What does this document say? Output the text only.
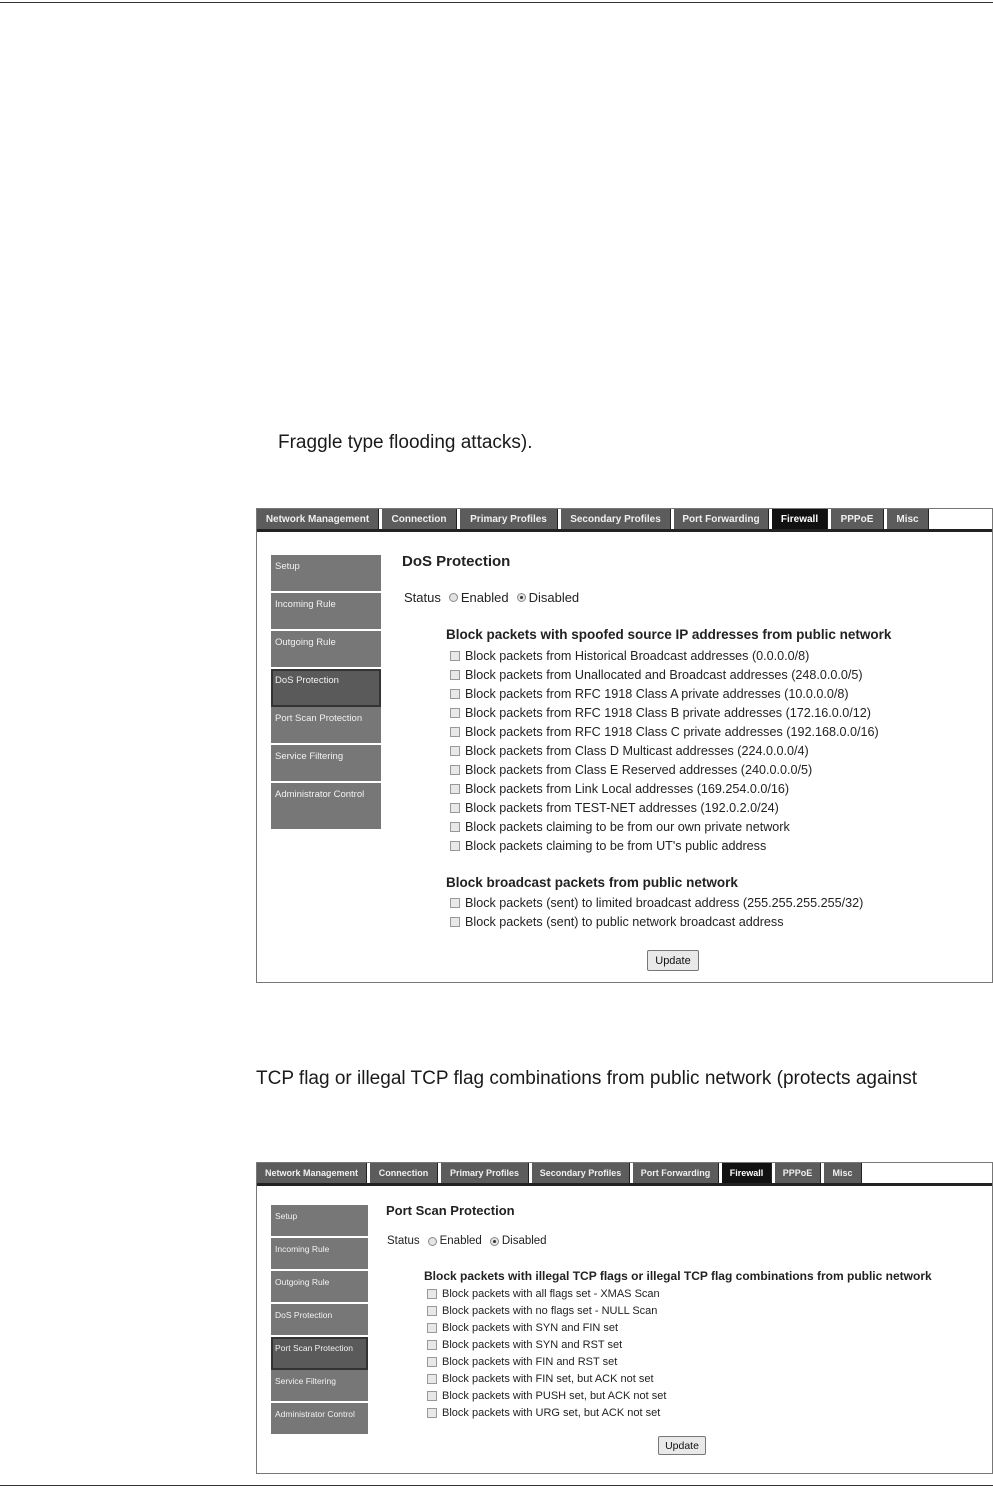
Fraggle type flooding attacks).
TCP flag or illegal TCP flag combinations from public network (protects against
Network Management	Connection	Primary Profiles	Secondary Profiles	Port Forwarding	Firewall	PPPoE	Misc
Setup
Incoming Rule
Outgoing Rule
DoS Protection
Port Scan Protection
Service Filtering
Administrator Control
DoS Protection
Status Enabled Disabled
Block packets with spoofed source IP addresses from public network
Block packets from Historical Broadcast addresses (0.0.0.0/8)
Block packets from Unallocated and Broadcast addresses (248.0.0.0/5)
Block packets from RFC 1918 Class A private addresses (10.0.0.0/8)
Block packets from RFC 1918 Class B private addresses (172.16.0.0/12)
Block packets from RFC 1918 Class C private addresses (192.168.0.0/16)
Block packets from Class D Multicast addresses (224.0.0.0/4)
Block packets from Class E Reserved addresses (240.0.0.0/5)
Block packets from Link Local addresses (169.254.0.0/16)
Block packets from TEST-NET addresses (192.0.2.0/24)
Block packets claiming to be from our own private network
Block packets claiming to be from UT's public address
Block broadcast packets from public network
Block packets (sent) to limited broadcast address (255.255.255.255/32)
Block packets (sent) to public network broadcast address
Update
Network Management	Connection	Primary Profiles	Secondary Profiles	Port Forwarding	Firewall	PPPoE	Misc
Setup
Incoming Rule
Outgoing Rule
DoS Protection
Port Scan Protection
Service Filtering
Administrator Control
Port Scan Protection
Status Enabled Disabled
Block packets with illegal TCP flags or illegal TCP flag combinations from public network
Block packets with all flags set - XMAS Scan
Block packets with no flags set - NULL Scan
Block packets with SYN and FIN set
Block packets with SYN and RST set
Block packets with FIN and RST set
Block packets with FIN set, but ACK not set
Block packets with PUSH set, but ACK not set
Block packets with URG set, but ACK not set
Update
